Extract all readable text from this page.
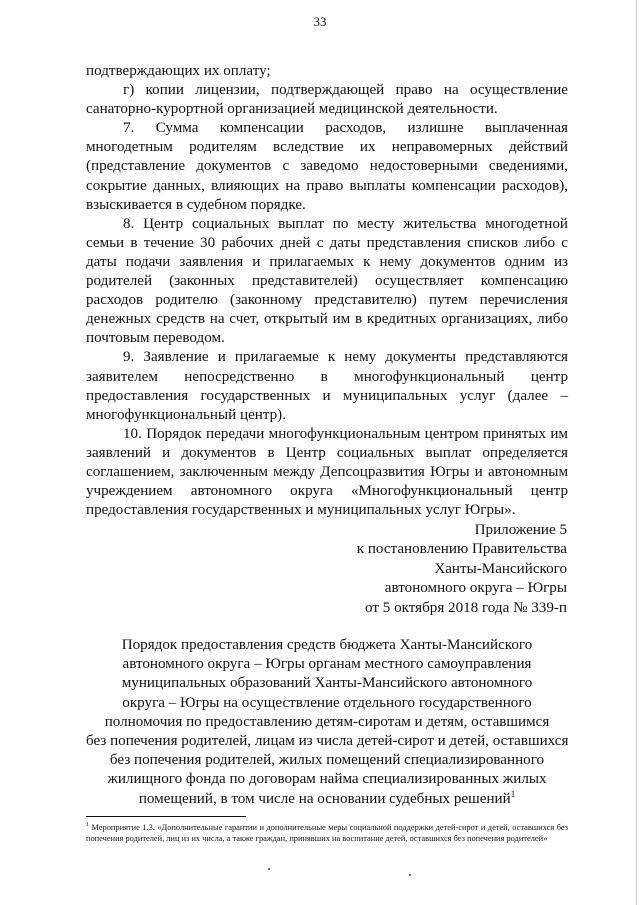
33

подтверждающих их оплату;

г) копии лицензии, подтверждающей право на осуществление санаторно-курортной организацией медицинской деятельности.

7. Сумма компенсации расходов, излишне выплаченная многодетным родителям вследствие их неправомерных действий (представление документов с заведомо недостоверными сведениями, сокрытие данных, влияющих на право выплаты компенсации расходов), взыскивается в судебном порядке.

8. Центр социальных выплат по месту жительства многодетной семьи в течение 30 рабочих дней с даты представления списков либо с даты подачи заявления и прилагаемых к нему документов одним из родителей (законных представителей) осуществляет компенсацию расходов родителю (законному представителю) путем перечисления денежных средств на счет, открытый им в кредитных организациях, либо почтовым переводом.

9. Заявление и прилагаемые к нему документы представляются заявителем непосредственно в многофункциональный центр предоставления государственных и муниципальных услуг (далее – многофункциональный центр).

10. Порядок передачи многофункциональным центром принятых им заявлений и документов в Центр социальных выплат определяется соглашением, заключенным между Депсоцразвития Югры и автономным учреждением автономного округа «Многофункциональный центр предоставления государственных и муниципальных услуг Югры».

Приложение 5
к постановлению Правительства
Ханты-Мансийского
автономного округа – Югры
от 5 октября 2018 года № 339-п
Порядок предоставления средств бюджета Ханты-Мансийского
автономного округа – Югры органам местного самоуправления
муниципальных образований Ханты-Мансийского автономного
округа – Югры на осуществление отдельного государственного
полномочия по предоставлению детям-сиротам и детям, оставшимся
без попечения родителей, лицам из числа детей-сирот и детей, оставшихся
без попечения родителей, жилых помещений специализированного
жилищного фонда по договорам найма специализированных жилых
помещений, в том числе на основании судебных решений$^1$
$^1$ Мероприятие 1.3. «Дополнительные гарантии и дополнительные меры социальной поддержки детей-сирот и детей, оставшихся без попечения родителей, лиц из их числа, а также граждан, принявших на воспитание детей, оставшихся без попечения родителей»
